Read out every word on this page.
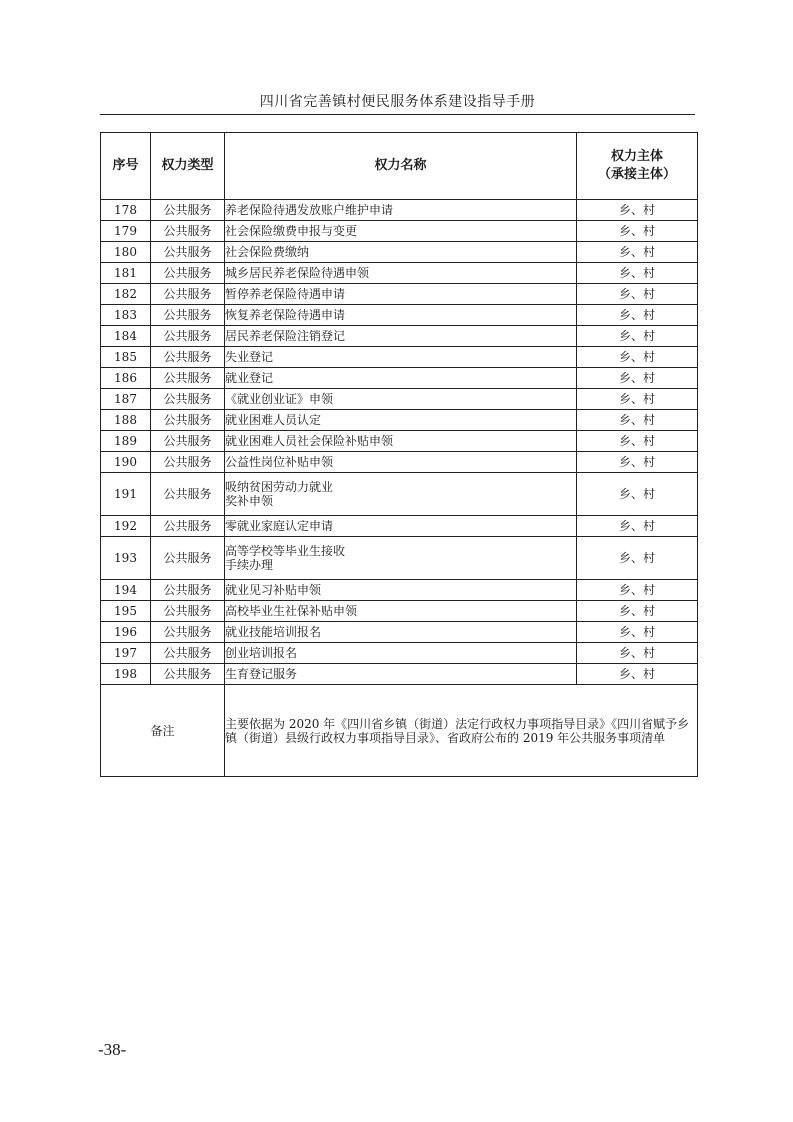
四川省完善镇村便民服务体系建设指导手册
序号	权力类型	权力名称	权力主体
（承接主体）

178	公共服务	养老保险待遇发放账户维护申请	乡、村
179	公共服务	社会保险缴费申报与变更	乡、村
180	公共服务	社会保险费缴纳	乡、村
181	公共服务	城乡居民养老保险待遇申领	乡、村
182	公共服务	暂停养老保险待遇申请	乡、村
183	公共服务	恢复养老保险待遇申请	乡、村
184	公共服务	居民养老保险注销登记	乡、村
185	公共服务	失业登记	乡、村
186	公共服务	就业登记	乡、村
187	公共服务	《就业创业证》申领	乡、村
188	公共服务	就业困难人员认定	乡、村
189	公共服务	就业困难人员社会保险补贴申领	乡、村
190	公共服务	公益性岗位补贴申领	乡、村
191	公共服务	吸纳贫困劳动力就业
奖补申领	乡、村
192	公共服务	零就业家庭认定申请	乡、村
193	公共服务	高等学校等毕业生接收
手续办理	乡、村
194	公共服务	就业见习补贴申领	乡、村
195	公共服务	高校毕业生社保补贴申领	乡、村
196	公共服务	就业技能培训报名	乡、村
197	公共服务	创业培训报名	乡、村
198	公共服务	生育登记服务	乡、村
备注		主要依据为 2020 年《四川省乡镇（街道）法定行政权力事项指导目录》《四川省赋予乡镇（街道）县级行政权力事项指导目录》、省政府公布的 2019 年公共服务事项清单	
-38-
